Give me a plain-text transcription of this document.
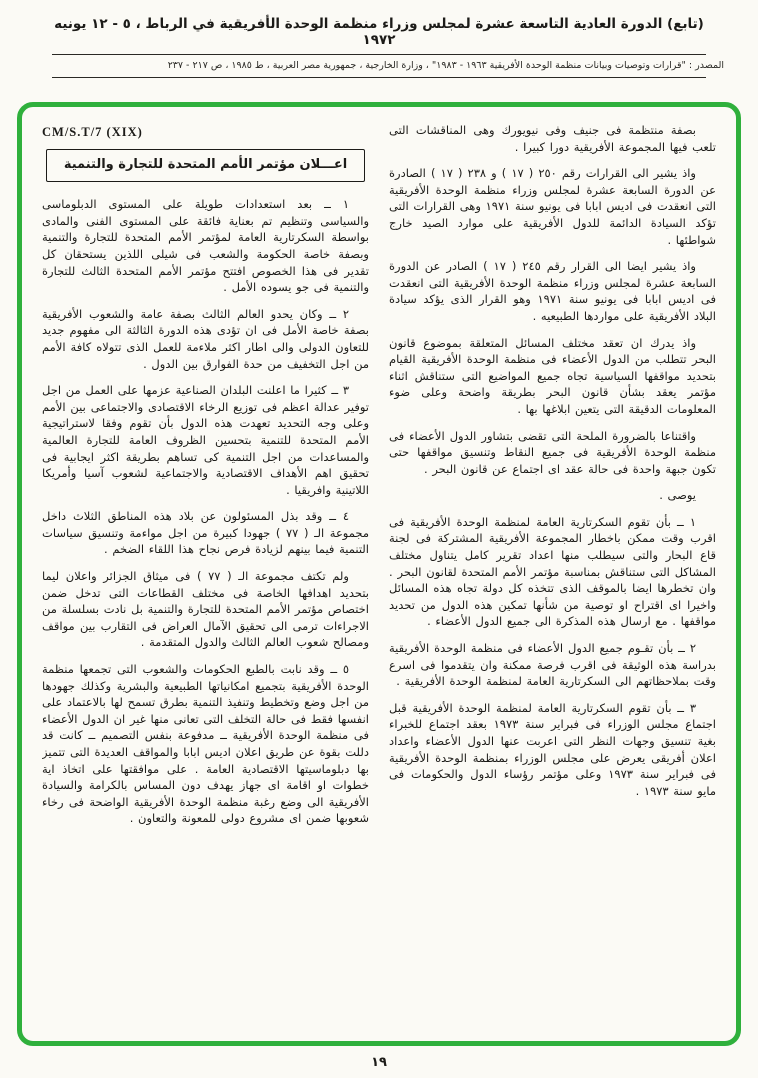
(تابع) الدورة العادية التاسعة عشرة لمجلس وزراء منظمة الوحدة الأفريقية في الرباط ، ٥ - ١٢ يونيه ١٩٧٢
المصدر : "قرارات وتوصيات وبيانات منظمة الوحدة الأفريقية ١٩٦٣ - ١٩٨٣" ، وزارة الخارجية ، جمهورية مصر العربية ، ط ١٩٨٥ ، ص ٢١٧ - ٢٣٧

بصفة منتظمة فى جنيف وفى نيويورك وهى المناقشات التى تلعب فيها المجموعة الأفريقية دورا كبيرا .

واذ يشير الى القرارات رقم ٢٥٠ ( ١٧ ) و ٢٣٨ ( ١٧ ) الصادرة عن الدورة السابعة عشرة لمجلس وزراء منظمة الوحدة الأفريقية التى انعقدت فى اديس ابابا فى يونيو سنة ١٩٧١ وهى القرارات التى تؤكد السيادة الدائمة للدول الأفريقية على موارد الصيد خارج شواطئها .

واذ يشير ايضا الى القرار رقم ٢٤٥ ( ١٧ ) الصادر عن الدورة السابعة عشرة لمجلس وزراء منظمة الوحدة الأفريقية التى انعقدت فى اديس ابابا فى يونيو سنة ١٩٧١ وهو القرار الذى يؤكد سيادة البلاد الأفريقية على مواردها الطبيعيه .

واذ يدرك ان تعقد مختلف المسائل المتعلقة بموضوع قانون البحر تتطلب من الدول الأعضاء فى منظمة الوحدة الأفريقية القيام بتحديد مواقفها السياسية تجاه جميع المواضيع التى ستناقش اثناء مؤتمر يعقد بشأن قانون البحر بطريقة واضحة وعلى ضوء المعلومات الدقيقة التى يتعين ابلاغها بها .

واقتناعا بالضرورة الملحة التى تقضى بتشاور الدول الأعضاء فى منظمة الوحدة الأفريقية فى جميع النقاط وتنسيق مواقفها حتى تكون جبهة واحدة فى حالة عقد اى اجتماع عن قانون البحر .

يوصى .

١ ــ بأن تقوم السكرتارية العامة لمنظمة الوحدة الأفريقية فى اقرب وقت ممكن باخطار المجموعة الأفريقية المشتركة فى لجنة قاع البحار والتى سيطلب منها اعداد تقرير كامل يتناول مختلف المشاكل التى ستناقش بمناسبة مؤتمر الأمم المتحدة لقانون البحر . وان تخطرها ايضا بالموقف الذى تتخذه كل دولة تجاه هذه المسائل واخيرا اى اقتراح او توصية من شأنها تمكين هذه الدول من تحديد مواقفها . مع ارسال هذه المذكرة الى جميع الدول الأعضاء .

٢ ــ بأن تقـوم جميع الدول الأعضاء فى منظمة الوحدة الأفريقية بدراسة هذه الوثيقة فى اقرب فرصة ممكنة وان يتقدموا فى اسرع وقت بملاحظاتهم الى السكرتارية العامة لمنظمة الوحدة الأفريقية .

٣ ــ بأن تقوم السكرتارية العامة لمنظمة الوحدة الأفريقية قبل اجتماع مجلس الوزراء فى فبراير سنة ١٩٧٣ بعقد اجتماع للخبراء بغية تنسيق وجهات النظر التى اعربت عنها الدول الأعضاء واعداد اعلان أفريقى يعرض على مجلس الوزراء بمنظمة الوحدة الأفريقية فى فبراير سنة ١٩٧٣ وعلى مؤتمر رؤساء الدول والحكومات فى مايو سنة ١٩٧٣ .

CM/S.T/7 (XIX)
اعـــلان مؤتمر الأمم المتحدة للتجارة والتنمية

١ ــ بعد استعدادات طويلة على المستوى الدبلوماسى والسياسى وتنظيم تم بعناية فائقة على المستوى الفنى والمادى بواسطة السكرتارية العامة لمؤتمر الأمم المتحدة للتجارة والتنمية وبصفة خاصة الحكومة والشعب فى شيلى اللذين يستحقان كل تقدير فى هذا الخصوص افتتح مؤتمر الأمم المتحدة الثالث للتجارة والتنمية فى جو يسوده الأمل .

٢ ــ وكان يحدو العالم الثالث بصفة عامة والشعوب الأفريقية بصفة خاصة الأمل فى ان تؤدى هذه الدورة الثالثة الى مفهوم جديد للتعاون الدولى والى اطار اكثر ملاءمة للعمل الذى تتولاه كافة الأمم من اجل التخفيف من حدة الفوارق بين الدول .

٣ ــ كثيرا ما اعلنت البلدان الصناعية عزمها على العمل من اجل توفير عدالة اعظم فى توزيع الرخاء الاقتصادى والاجتماعى بين الأمم وعلى وجه التحديد تعهدت هذه الدول بأن تقوم وفقا لاستراتيجية الأمم المتحدة للتنمية بتحسين الظروف العامة للتجارة العالمية والمساعدات من اجل التنمية كى تساهم بطريقة اكثر ايجابية فى تحقيق اهم الأهداف الاقتصادية والاجتماعية لشعوب آسيا وأمريكا اللاتينية وافريقيا .

٤ ــ وقد بذل المسئولون عن بلاد هذه المناطق الثلاث داخل مجموعة الـ ( ٧٧ ) جهودا كبيرة من اجل مواءمة وتنسيق سياسات التنمية فيما بينهم لزيادة فرص نجاح هذا اللقاء الضخم .

ولم تكتف مجموعة الـ ( ٧٧ ) فى ميثاق الجزائر واعلان ليما بتحديد اهدافها الخاصة فى مختلف القطاعات التى تدخل ضمن اختصاص مؤتمر الأمم المتحدة للتجارة والتنمية بل نادت بسلسلة من الاجراءات ترمى الى تحقيق الآمال العراض فى التقارب بين مواقف ومصالح شعوب العالم الثالث والدول المتقدمة .

٥ ــ وقد نابت بالطبع الحكومات والشعوب التى تجمعها منظمة الوحدة الأفريقية بتجميع امكانياتها الطبيعية والبشرية وكذلك جهودها من اجل وضع وتخطيط وتنفيذ التنمية بطرق تسمح لها بالاعتماد على انفسها فقط فى حالة التخلف التى تعانى منها غير ان الدول الأعضاء فى منظمة الوحدة الأفريقية ــ مدفوعة بنفس التصميم ــ كانت قد دللت بقوة عن طريق اعلان اديس ابابا والمواقف العديدة التى تتميز بها دبلوماسيتها الاقتصادية العامة . على موافقتها على اتخاذ اية خطوات او اقامة اى جهاز يهدف دون المساس بالكرامة والسيادة الأفريقية الى وضع رغبة منظمة الوحدة الأفريقية الواضحة فى رخاء شعوبها ضمن اى مشروع دولى للمعونة والتعاون .

١٩
